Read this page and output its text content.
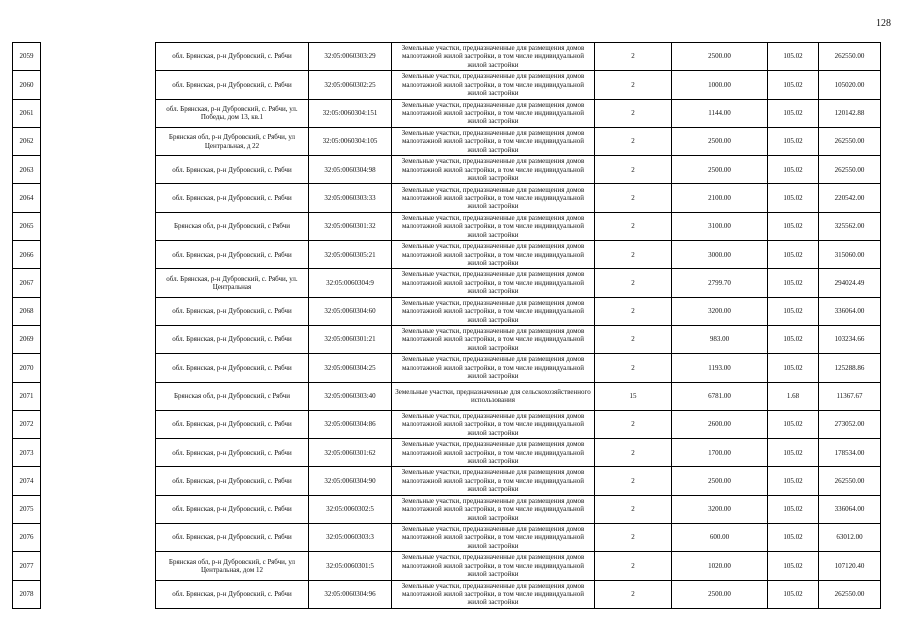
128
2059		обл. Брянская, р-н Дубровский, с. Рябчи	32:05:0060303:29	Земельные участки, предназначенные для размещения домов малоэтажной жилой застройки, в том числе индивидуальной жилой застройки	2	2500.00	105.02	262550.00
2060		обл. Брянская, р-н Дубровский, с. Рябчи	32:05:0060302:25	Земельные участки, предназначенные для размещения домов малоэтажной жилой застройки, в том числе индивидуальной жилой застройки	2	1000.00	105.02	105020.00
2061		обл. Брянская, р-н Дубровский, с. Рябчи, ул. Победы, дом 13, кв.1	32:05:0060304:151	Земельные участки, предназначенные для размещения домов малоэтажной жилой застройки, в том числе индивидуальной жилой застройки	2	1144.00	105.02	120142.88
2062		Брянская обл, р-н Дубровский, с Рябчи, ул Центральная, д 22	32:05:0060304:105	Земельные участки, предназначенные для размещения домов малоэтажной жилой застройки, в том числе индивидуальной жилой застройки	2	2500.00	105.02	262550.00
2063		обл. Брянская, р-н Дубровский, с. Рябчи	32:05:0060304:98	Земельные участки, предназначенные для размещения домов малоэтажной жилой застройки, в том числе индивидуальной жилой застройки	2	2500.00	105.02	262550.00
2064		обл. Брянская, р-н Дубровский, с. Рябчи	32:05:0060303:33	Земельные участки, предназначенные для размещения домов малоэтажной жилой застройки, в том числе индивидуальной жилой застройки	2	2100.00	105.02	220542.00
2065		Брянская обл, р-н Дубровский, с Рябчи	32:05:0060301:32	Земельные участки, предназначенные для размещения домов малоэтажной жилой застройки, в том числе индивидуальной жилой застройки	2	3100.00	105.02	325562.00
2066		обл. Брянская, р-н Дубровский, с. Рябчи	32:05:0060305:21	Земельные участки, предназначенные для размещения домов малоэтажной жилой застройки, в том числе индивидуальной жилой застройки	2	3000.00	105.02	315060.00
2067		обл. Брянская, р-н Дубровский, с. Рябчи, ул. Центральная	32:05:0060304:9	Земельные участки, предназначенные для размещения домов малоэтажной жилой застройки, в том числе индивидуальной жилой застройки	2	2799.70	105.02	294024.49
2068		обл. Брянская, р-н Дубровский, с. Рябчи	32:05:0060304:60	Земельные участки, предназначенные для размещения домов малоэтажной жилой застройки, в том числе индивидуальной жилой застройки	2	3200.00	105.02	336064.00
2069		обл. Брянская, р-н Дубровский, с. Рябчи	32:05:0060301:21	Земельные участки, предназначенные для размещения домов малоэтажной жилой застройки, в том числе индивидуальной жилой застройки	2	983.00	105.02	103234.66
2070		обл. Брянская, р-н Дубровский, с. Рябчи	32:05:0060304:25	Земельные участки, предназначенные для размещения домов малоэтажной жилой застройки, в том числе индивидуальной жилой застройки	2	1193.00	105.02	125288.86
2071		Брянская обл, р-н Дубровский, с Рябчи	32:05:0060303:40	Земельные участки, предназначенные для сельскохозяйственного использования	15	6781.00	1.68	11367.67
2072		обл. Брянская, р-н Дубровский, с. Рябчи	32:05:0060304:86	Земельные участки, предназначенные для размещения домов малоэтажной жилой застройки, в том числе индивидуальной жилой застройки	2	2600.00	105.02	273052.00
2073		обл. Брянская, р-н Дубровский, с. Рябчи	32:05:0060301:62	Земельные участки, предназначенные для размещения домов малоэтажной жилой застройки, в том числе индивидуальной жилой застройки	2	1700.00	105.02	178534.00
2074		обл. Брянская, р-н Дубровский, с. Рябчи	32:05:0060304:90	Земельные участки, предназначенные для размещения домов малоэтажной жилой застройки, в том числе индивидуальной жилой застройки	2	2500.00	105.02	262550.00
2075		обл. Брянская, р-н Дубровский, с. Рябчи	32:05:0060302:5	Земельные участки, предназначенные для размещения домов малоэтажной жилой застройки, в том числе индивидуальной жилой застройки	2	3200.00	105.02	336064.00
2076		обл. Брянская, р-н Дубровский, с. Рябчи	32:05:0060303:3	Земельные участки, предназначенные для размещения домов малоэтажной жилой застройки, в том числе индивидуальной жилой застройки	2	600.00	105.02	63012.00
2077		Брянская обл, р-н Дубровский, с Рябчи, ул Центральная, дом 12	32:05:0060301:5	Земельные участки, предназначенные для размещения домов малоэтажной жилой застройки, в том числе индивидуальной жилой застройки	2	1020.00	105.02	107120.40
2078		обл. Брянская, р-н Дубровский, с. Рябчи	32:05:0060304:96	Земельные участки, предназначенные для размещения домов малоэтажной жилой застройки, в том числе индивидуальной жилой застройки	2	2500.00	105.02	262550.00
